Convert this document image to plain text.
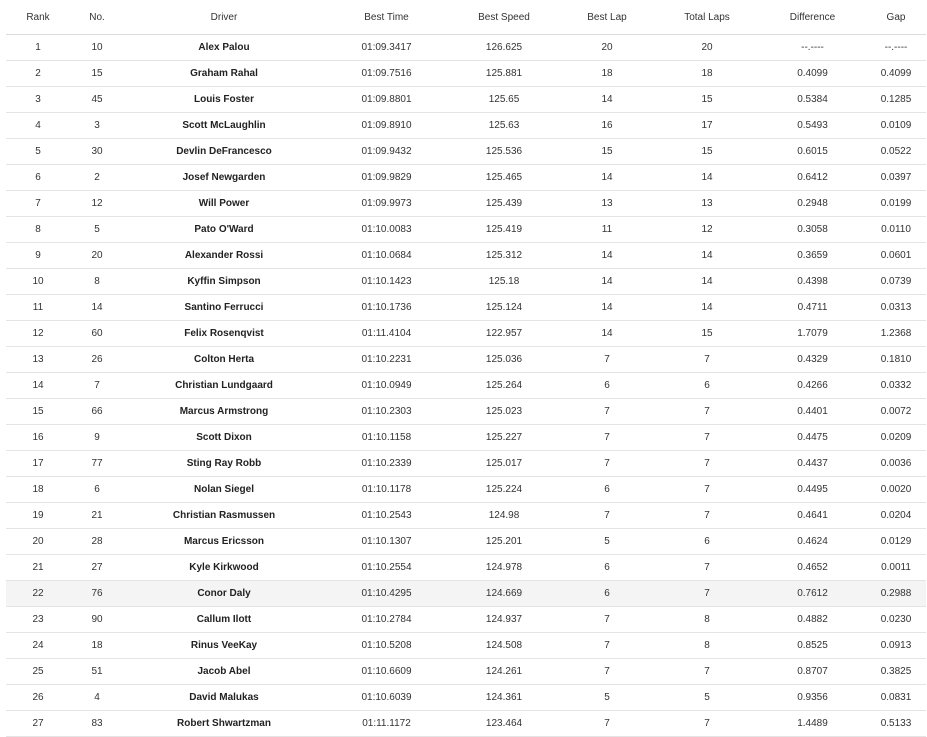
Rank	No.	Driver	Best Time	Best Speed	Best Lap	Total Laps	Difference	Gap
1	10	Alex Palou	01:09.3417	126.625	20	20	--.----	--.----
2	15	Graham Rahal	01:09.7516	125.881	18	18	0.4099	0.4099
3	45	Louis Foster	01:09.8801	125.65	14	15	0.5384	0.1285
4	3	Scott McLaughlin	01:09.8910	125.63	16	17	0.5493	0.0109
5	30	Devlin DeFrancesco	01:09.9432	125.536	15	15	0.6015	0.0522
6	2	Josef Newgarden	01:09.9829	125.465	14	14	0.6412	0.0397
7	12	Will Power	01:09.9973	125.439	13	13	0.2948	0.0199
8	5	Pato O'Ward	01:10.0083	125.419	11	12	0.3058	0.0110
9	20	Alexander Rossi	01:10.0684	125.312	14	14	0.3659	0.0601
10	8	Kyffin Simpson	01:10.1423	125.18	14	14	0.4398	0.0739
11	14	Santino Ferrucci	01:10.1736	125.124	14	14	0.4711	0.0313
12	60	Felix Rosenqvist	01:11.4104	122.957	14	15	1.7079	1.2368
13	26	Colton Herta	01:10.2231	125.036	7	7	0.4329	0.1810
14	7	Christian Lundgaard	01:10.0949	125.264	6	6	0.4266	0.0332
15	66	Marcus Armstrong	01:10.2303	125.023	7	7	0.4401	0.0072
16	9	Scott Dixon	01:10.1158	125.227	7	7	0.4475	0.0209
17	77	Sting Ray Robb	01:10.2339	125.017	7	7	0.4437	0.0036
18	6	Nolan Siegel	01:10.1178	125.224	6	7	0.4495	0.0020
19	21	Christian Rasmussen	01:10.2543	124.98	7	7	0.4641	0.0204
20	28	Marcus Ericsson	01:10.1307	125.201	5	6	0.4624	0.0129
21	27	Kyle Kirkwood	01:10.2554	124.978	6	7	0.4652	0.0011
22	76	Conor Daly	01:10.4295	124.669	6	7	0.7612	0.2988
23	90	Callum Ilott	01:10.2784	124.937	7	8	0.4882	0.0230
24	18	Rinus VeeKay	01:10.5208	124.508	7	8	0.8525	0.0913
25	51	Jacob Abel	01:10.6609	124.261	7	7	0.8707	0.3825
26	4	David Malukas	01:10.6039	124.361	5	5	0.9356	0.0831
27	83	Robert Shwartzman	01:11.1172	123.464	7	7	1.4489	0.5133
